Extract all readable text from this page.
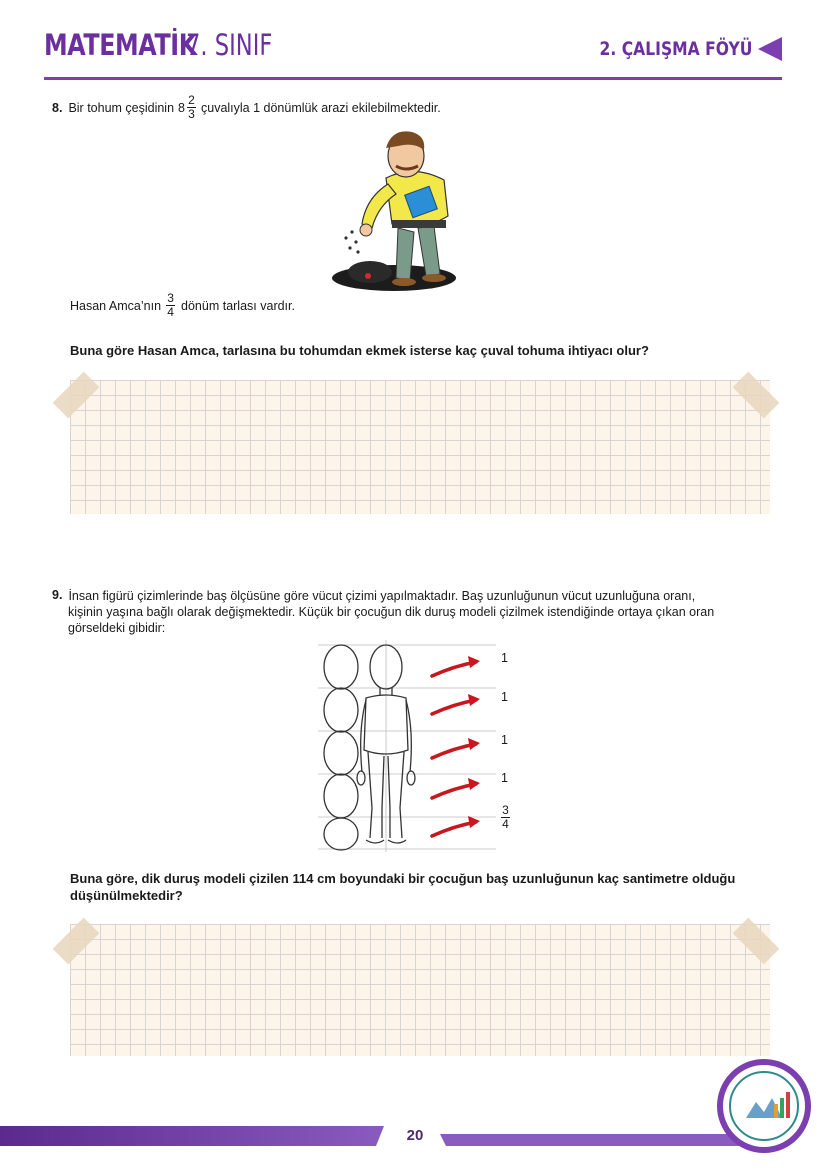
MATEMATİK
7. SINIF	2. ÇALIŞMA FÖYÜ
8. Bir tohum çeşidinin $8 \frac{2}{3}$ çuvalıyla 1 dönümlük arazi ekilebilmektedir.
Hasan Amca’nın $\frac{3}{4}$ dönüm tarlası vardır.
Buna göre Hasan Amca, tarlasına bu tohumdan ekmek isterse kaç çuval tohuma ihtiyacı olur?
9. İnsan figürü çizimlerinde baş ölçüsüne göre vücut çizimi yapılmaktadır. Baş uzunluğunun vücut uzunluğuna oranı,
kişinin yaşına bağlı olarak değişmektedir. Küçük bir çocuğun dik duruş modeli çizilmek istendiğinde ortaya çıkan oran
görseldeki gibidir:
1
1
1
1
$\frac{3}{4}$
Buna göre, dik duruş modeli çizilen 114 cm boyundaki bir çocuğun baş uzunluğunun kaç santimetre olduğu
düşünülmektedir?
20
